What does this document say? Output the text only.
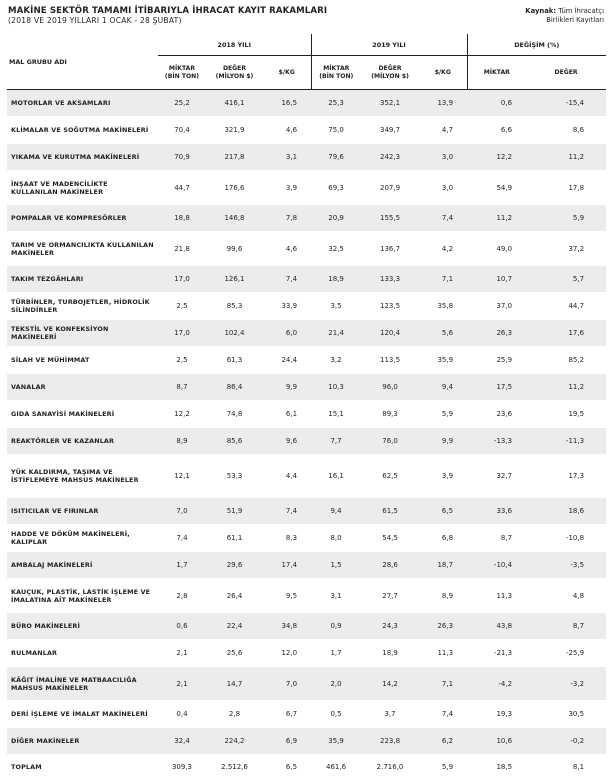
MAKİNE SEKTÖR TAMAMI İTİBARIYLA İHRACAT KAYIT RAKAMLARI
(2018 VE 2019 YILLARI 1 OCAK - 28 ŞUBAT)
Kaynak: Tüm İhracatçı
Birlikleri Kayıtları
MAL GRUBU ADI	2018 YILI			2019 YILI			DEĞİŞİM (%)	
	MİKTAR
(BİN TON)	DEĞER
(MİLYON $)	$/KG	MİKTAR
(BİN TON)	DEĞER
(MİLYON $)	$/KG	MİKTAR	DEĞER
MOTORLAR VE AKSAMLARI	25,2	416,1	16,5	25,3	352,1	13,9	0,6	-15,4
KLİMALAR VE SOĞUTMA MAKİNELERİ	70,4	321,9	4,6	75,0	349,7	4,7	6,6	8,6
YIKAMA VE KURUTMA MAKİNELERİ	70,9	217,8	3,1	79,6	242,3	3,0	12,2	11,2
İNŞAAT VE MADENCİLİKTE KULLANILAN MAKİNELER	44,7	176,6	3,9	69,3	207,9	3,0	54,9	17,8
POMPALAR VE KOMPRESÖRLER	18,8	146,8	7,8	20,9	155,5	7,4	11,2	5,9
TARIM VE ORMANCILIKTA KULLANILAN MAKİNELER	21,8	99,6	4,6	32,5	136,7	4,2	49,0	37,2
TAKIM TEZGÂHLARI	17,0	126,1	7,4	18,9	133,3	7,1	10,7	5,7
TÜRBİNLER, TURBOJETLER, HİDROLİK SİLİNDİRLER	2,5	85,3	33,9	3,5	123,5	35,8	37,0	44,7
TEKSTİL VE KONFEKSİYON MAKİNELERİ	17,0	102,4	6,0	21,4	120,4	5,6	26,3	17,6
SİLAH VE MÜHİMMAT	2,5	61,3	24,4	3,2	113,5	35,9	25,9	85,2
VANALAR	8,7	86,4	9,9	10,3	96,0	9,4	17,5	11,2
GIDA SANAYİSİ MAKİNELERİ	12,2	74,8	6,1	15,1	89,3	5,9	23,6	19,5
REAKTÖRLER VE KAZANLAR	8,9	85,6	9,6	7,7	76,0	9,9	-13,3	-11,3
YÜK KALDIRMA, TAŞIMA VE İSTİFLEMEYE MAHSUS MAKİNELER	12,1	53,3	4,4	16,1	62,5	3,9	32,7	17,3
ISITICILAR VE FIRINLAR	7,0	51,9	7,4	9,4	61,5	6,5	33,6	18,6
HADDE VE DÖKÜM MAKİNELERİ, KALIPLAR	7,4	61,1	8,3	8,0	54,5	6,8	8,7	-10,8
AMBALAJ MAKİNELERİ	1,7	29,6	17,4	1,5	28,6	18,7	-10,4	-3,5
KAUÇUK, PLASTİK, LASTİK İŞLEME VE İMALATINA AİT MAKİNELER	2,8	26,4	9,5	3,1	27,7	8,9	11,3	4,8
BÜRO MAKİNELERİ	0,6	22,4	34,8	0,9	24,3	26,3	43,8	8,7
RULMANLAR	2,1	25,6	12,0	1,7	18,9	11,3	-21,3	-25,9
KÂĞIT İMALİNE VE MATBAACILIĞA MAHSUS MAKİNELER	2,1	14,7	7,0	2,0	14,2	7,1	-4,2	-3,2
DERİ İŞLEME VE İMALAT MAKİNELERİ	0,4	2,8	6,7	0,5	3,7	7,4	19,3	30,5
DİĞER MAKİNELER	32,4	224,2	6,9	35,9	223,8	6,2	10,6	-0,2
TOPLAM	309,3	2.512,6	6,5	461,6	2.716,0	5,9	18,5	8,1
